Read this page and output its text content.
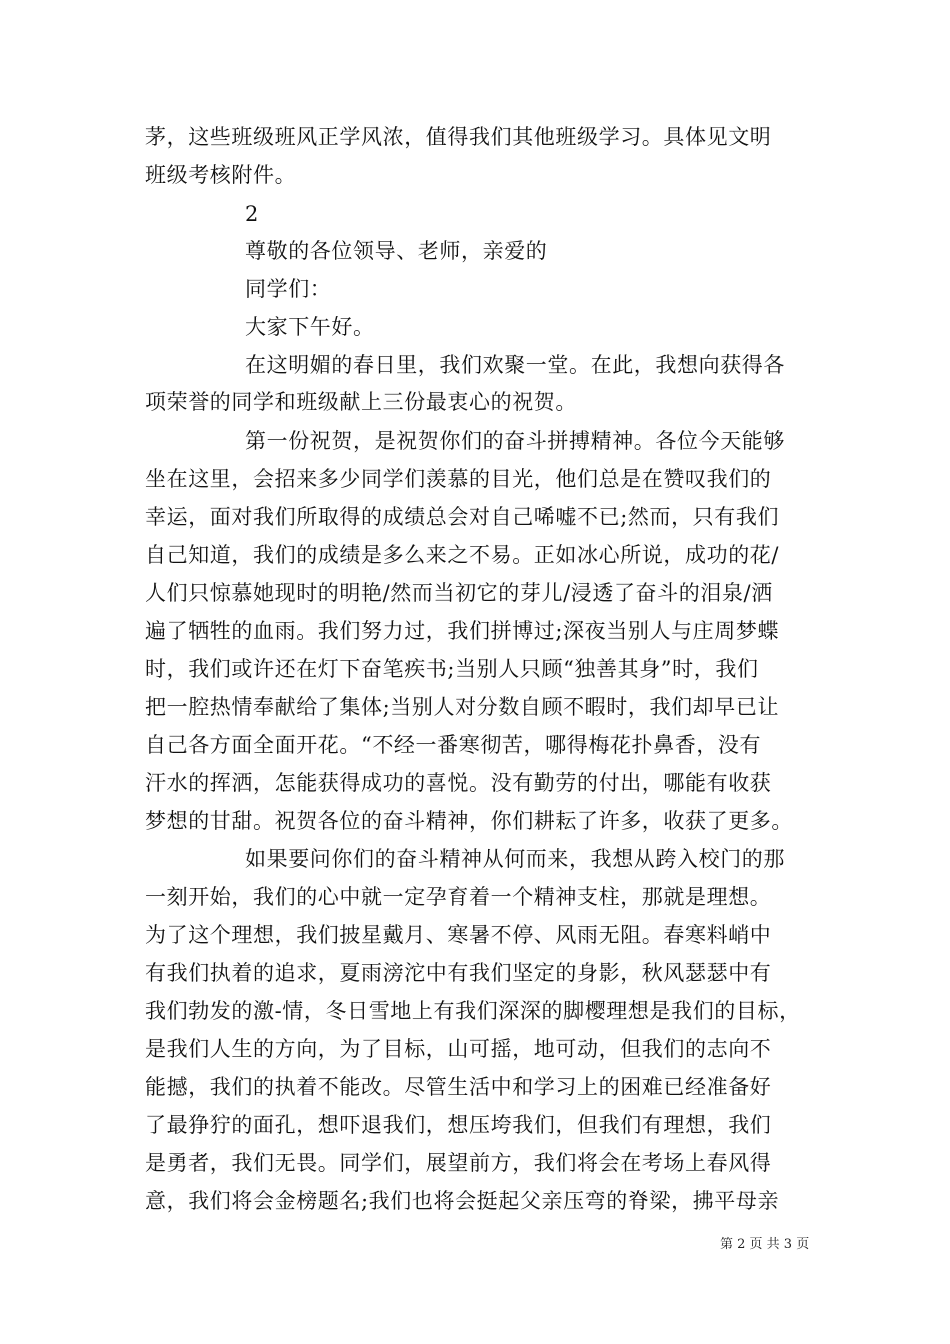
茅，这些班级班风正学风浓，值得我们其他班级学习。具体见文明
班级考核附件。
2
尊敬的各位领导、老师，亲爱的
同学们：
大家下午好。
在这明媚的春日里，我们欢聚一堂。在此，我想向获得各
项荣誉的同学和班级献上三份最衷心的祝贺。
第一份祝贺，是祝贺你们的奋斗拼搏精神。各位今天能够
坐在这里，会招来多少同学们羡慕的目光，他们总是在赞叹我们的
幸运，面对我们所取得的成绩总会对自己唏嘘不已;然而，只有我们
自己知道，我们的成绩是多么来之不易。正如冰心所说，成功的花/
人们只惊慕她现时的明艳/然而当初它的芽儿/浸透了奋斗的泪泉/洒
遍了牺牲的血雨。我们努力过，我们拼博过;深夜当别人与庄周梦蝶
时，我们或许还在灯下奋笔疾书;当别人只顾“独善其身”时，我们
把一腔热情奉献给了集体;当别人对分数自顾不暇时，我们却早已让
自己各方面全面开花。“不经一番寒彻苦，哪得梅花扑鼻香，没有
汗水的挥洒，怎能获得成功的喜悦。没有勤劳的付出，哪能有收获
梦想的甘甜。祝贺各位的奋斗精神，你们耕耘了许多，收获了更多。
如果要问你们的奋斗精神从何而来，我想从跨入校门的那
一刻开始，我们的心中就一定孕育着一个精神支柱，那就是理想。
为了这个理想，我们披星戴月、寒暑不停、风雨无阻。春寒料峭中
有我们执着的追求，夏雨滂沱中有我们坚定的身影，秋风瑟瑟中有
我们勃发的激-情，冬日雪地上有我们深深的脚樱理想是我们的目标，
是我们人生的方向，为了目标，山可摇，地可动，但我们的志向不
能撼，我们的执着不能改。尽管生活中和学习上的困难已经准备好
了最狰狞的面孔，想吓退我们，想压垮我们，但我们有理想，我们
是勇者，我们无畏。同学们，展望前方，我们将会在考场上春风得
意，我们将会金榜题名;我们也将会挺起父亲压弯的脊梁，拂平母亲
第 2 页 共 3 页
